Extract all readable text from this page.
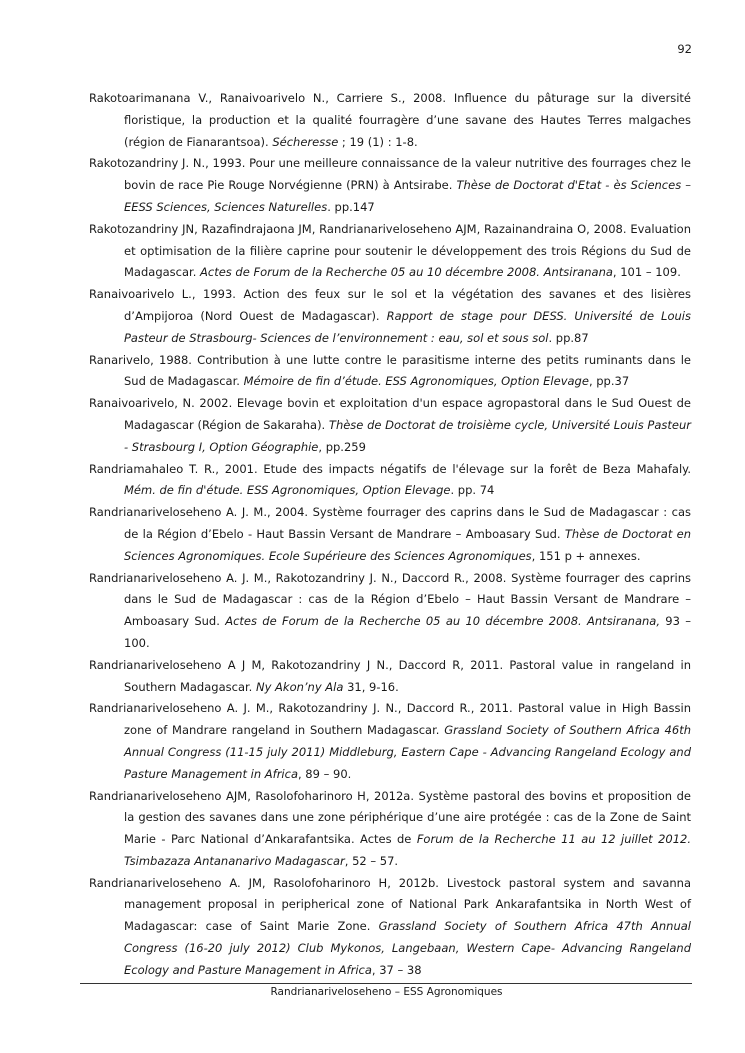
92

Rakotoarimanana V., Ranaivoarivelo N., Carriere S., 2008. Influence du pâturage sur la diversité floristique, la production et la qualité fourragère d’une savane des Hautes Terres malgaches (région de Fianarantsoa). Sécheresse ; 19 (1) : 1-8.

Rakotozandriny J. N., 1993. Pour une meilleure connaissance de la valeur nutritive des fourrages chez le bovin de race Pie Rouge Norvégienne (PRN) à Antsirabe. Thèse de Doctorat d'Etat - ès Sciences – EESS Sciences, Sciences Naturelles. pp.147

Rakotozandriny JN, Razafindrajaona JM, Randrianariveloseheno AJM, Razainandraina O, 2008. Evaluation et optimisation de la filière caprine pour soutenir le développement des trois Régions du Sud de Madagascar. Actes de Forum de la Recherche 05 au 10 décembre 2008. Antsiranana, 101 – 109.

Ranaivoarivelo L., 1993. Action des feux sur le sol et la végétation des savanes et des lisières d’Ampijoroa (Nord Ouest de Madagascar). Rapport de stage pour DESS. Université de Louis Pasteur de Strasbourg- Sciences de l’environnement : eau, sol et sous sol. pp.87

Ranarivelo, 1988. Contribution à une lutte contre le parasitisme interne des petits ruminants dans le Sud de Madagascar. Mémoire de fin d’étude. ESS Agronomiques, Option Elevage, pp.37

Ranaivoarivelo, N. 2002. Elevage bovin et exploitation d'un espace agropastoral dans le Sud Ouest de Madagascar (Région de Sakaraha). Thèse de Doctorat de troisième cycle, Université Louis Pasteur - Strasbourg I, Option Géographie, pp.259

Randriamahaleo T. R., 2001. Etude des impacts négatifs de l'élevage sur la forêt de Beza Mahafaly. Mém. de fin d'étude. ESS Agronomiques, Option Elevage. pp. 74

Randrianariveloseheno A. J. M., 2004. Système fourrager des caprins dans le Sud de Madagascar : cas de la Région d’Ebelo - Haut Bassin Versant de Mandrare – Amboasary Sud. Thèse de Doctorat en Sciences Agronomiques. Ecole Supérieure des Sciences Agronomiques, 151 p + annexes.

Randrianariveloseheno A. J. M., Rakotozandriny J. N., Daccord R., 2008. Système fourrager des caprins dans le Sud de Madagascar : cas de la Région d’Ebelo – Haut Bassin Versant de Mandrare – Amboasary Sud. Actes de Forum de la Recherche 05 au 10 décembre 2008. Antsiranana, 93 – 100.

Randrianariveloseheno A J M, Rakotozandriny J N., Daccord R, 2011. Pastoral value in rangeland in Southern Madagascar. Ny Akon’ny Ala 31, 9-16.

Randrianariveloseheno A. J. M., Rakotozandriny J. N., Daccord R., 2011. Pastoral value in High Bassin zone of Mandrare rangeland in Southern Madagascar. Grassland Society of Southern Africa 46th Annual Congress (11-15 july 2011) Middleburg, Eastern Cape - Advancing Rangeland Ecology and Pasture Management in Africa, 89 – 90.

Randrianariveloseheno AJM, Rasolofoharinoro H, 2012a. Système pastoral des bovins et proposition de la gestion des savanes dans une zone périphérique d’une aire protégée : cas de la Zone de Saint Marie - Parc National d’Ankarafantsika. Actes de Forum de la Recherche 11 au 12 juillet 2012. Tsimbazaza Antananarivo Madagascar, 52 – 57.

Randrianariveloseheno A. JM, Rasolofoharinoro H, 2012b. Livestock pastoral system and savanna management proposal in peripherical zone of National Park Ankarafantsika in North West of Madagascar: case of Saint Marie Zone. Grassland Society of Southern Africa 47th Annual Congress (16-20 july 2012) Club Mykonos, Langebaan, Western Cape- Advancing Rangeland Ecology and Pasture Management in Africa, 37 – 38

Randrianariveloseheno – ESS Agronomiques
